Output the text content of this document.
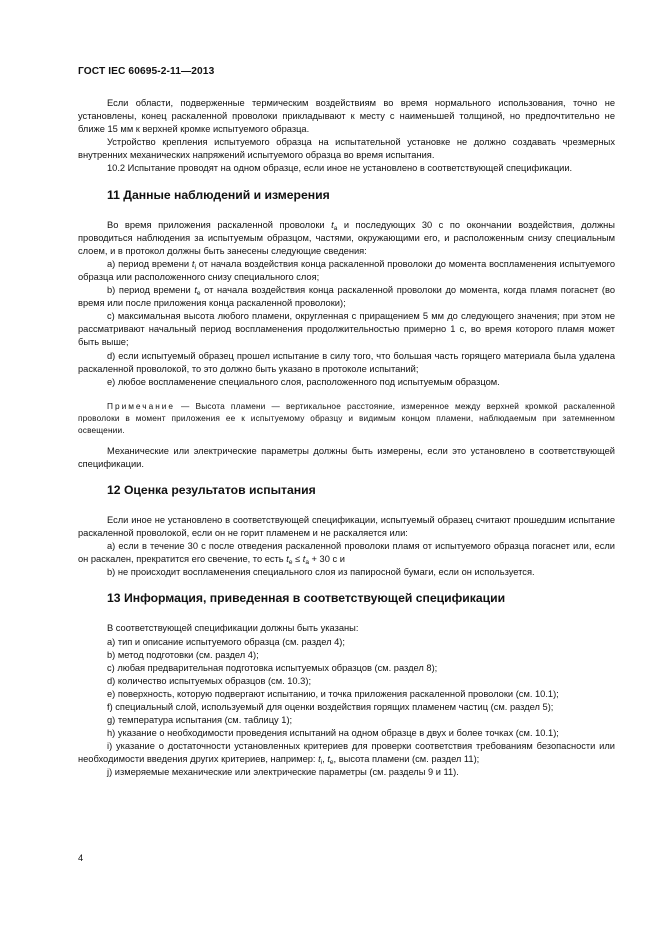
ГОСТ IEC 60695-2-11—2013

Если области, подверженные термическим воздействиям во время нормального использования, точно не установлены, конец раскаленной проволоки прикладывают к месту с наименьшей толщиной, но предпочтительно не ближе 15 мм к верхней кромке испытуемого образца.

Устройство крепления испытуемого образца на испытательной установке не должно создавать чрезмерных внутренних механических напряжений испытуемого образца во время испытания.

10.2 Испытание проводят на одном образце, если иное не установлено в соответствующей спецификации.

11 Данные наблюдений и измерения

Во время приложения раскаленной проволоки $t_a$ и последующих 30 с по окончании воздействия, должны проводиться наблюдения за испытуемым образцом, частями, окружающими его, и расположенным снизу специальным слоем, и в протокол должны быть занесены следующие сведения:

a) период времени $t_i$ от начала воздействия конца раскаленной проволоки до момента воспламенения испытуемого образца или расположенного снизу специального слоя;

b) период времени $t_e$ от начала воздействия конца раскаленной проволоки до момента, когда пламя погаснет (во время или после приложения конца раскаленной проволоки);

c) максимальная высота любого пламени, округленная с приращением 5 мм до следующего значения; при этом не рассматривают начальный период воспламенения продолжительностью примерно 1 с, во время которого пламя может быть выше;

d) если испытуемый образец прошел испытание в силу того, что большая часть горящего материала была удалена раскаленной проволокой, то это должно быть указано в протоколе испытаний;

e) любое воспламенение специального слоя, расположенного под испытуемым образцом.

Примечание — Высота пламени — вертикальное расстояние, измеренное между верхней кромкой раскаленной проволоки в момент приложения ее к испытуемому образцу и видимым концом пламени, наблюдаемым при затемненном освещении.

Механические или электрические параметры должны быть измерены, если это установлено в соответствующей спецификации.

12 Оценка результатов испытания

Если иное не установлено в соответствующей спецификации, испытуемый образец считают прошедшим испытание раскаленной проволокой, если он не горит пламенем и не раскаляется или:

a) если в течение 30 с после отведения раскаленной проволоки пламя от испытуемого образца погаснет или, если он раскален, прекратится его свечение, то есть $t_e \le t_a + 30$ с и

b) не происходит воспламенения специального слоя из папиросной бумаги, если он используется.

13 Информация, приведенная в соответствующей спецификации

В соответствующей спецификации должны быть указаны:

a) тип и описание испытуемого образца (см. раздел 4);

b) метод подготовки (см. раздел 4);

c) любая предварительная подготовка испытуемых образцов (см. раздел 8);

d) количество испытуемых образцов (см. 10.3);

e) поверхность, которую подвергают испытанию, и точка приложения раскаленной проволоки (см. 10.1);

f) специальный слой, используемый для оценки воздействия горящих пламенем частиц (см. раздел 5);

g) температура испытания (см. таблицу 1);

h) указание о необходимости проведения испытаний на одном образце в двух и более точках (см. 10.1);

i) указание о достаточности установленных критериев для проверки соответствия требованиям безопасности или необходимости введения других критериев, например: $t_i$, $t_e$, высота пламени (см. раздел 11);

j) измеряемые механические или электрические параметры (см. разделы 9 и 11).

4
